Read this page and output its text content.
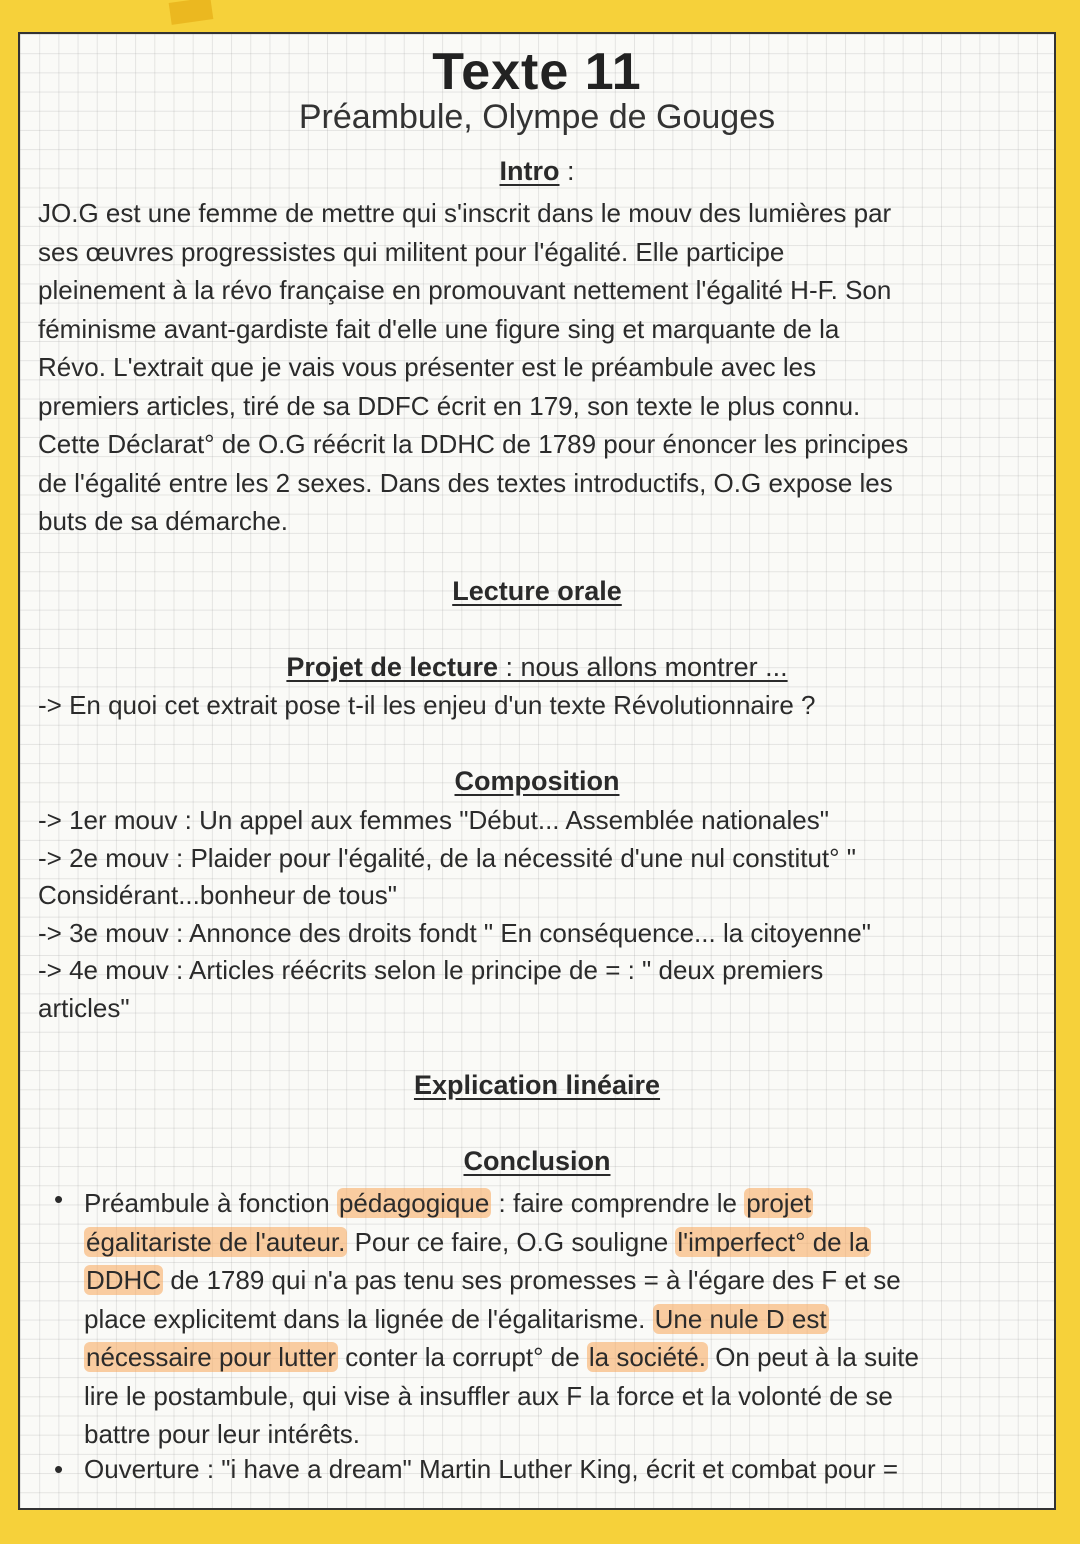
Texte 11
Préambule, Olympe de Gouges
Intro :
JO.G est une femme de mettre qui s'inscrit dans le mouv des lumières par
ses œuvres progressistes qui militent pour l'égalité. Elle participe
pleinement à la révo française en promouvant nettement l'égalité H-F. Son
féminisme avant-gardiste fait d'elle une figure sing et marquante de la
Révo. L'extrait que je vais vous présenter est le préambule avec les
premiers articles, tiré de sa DDFC écrit en 179, son texte le plus connu.
Cette Déclarat° de O.G réécrit la DDHC de 1789 pour énoncer les principes
de l'égalité entre les 2 sexes. Dans des textes introductifs, O.G expose les
buts de sa démarche.
Lecture orale
Projet de lecture : nous allons montrer ...
-> En quoi cet extrait pose t-il les enjeu d'un texte Révolutionnaire ?
Composition
-> 1er mouv : Un appel aux femmes "Début... Assemblée nationales"
-> 2e mouv : Plaider pour l'égalité, de la nécessité d'une nul constitut° "
Considérant...bonheur de tous"
-> 3e mouv : Annonce des droits fondt " En conséquence... la citoyenne"
-> 4e mouv : Articles réécrits selon le principe de = : " deux premiers
articles"
Explication linéaire
Conclusion
• Préambule à fonction pédagogique : faire comprendre le projet
égalitariste de l'auteur. Pour ce faire, O.G souligne l'imperfect° de la
DDHC de 1789 qui n'a pas tenu ses promesses = à l'égare des F et se
place explicitemt dans la lignée de l'égalitarisme. Une nule D est
nécessaire pour lutter conter la corrupt° de la société. On peut à la suite
lire le postambule, qui vise à insuffler aux F la force et la volonté de se
battre pour leur intérêts.
• Ouverture : "i have a dream" Martin Luther King, écrit et combat pour =
